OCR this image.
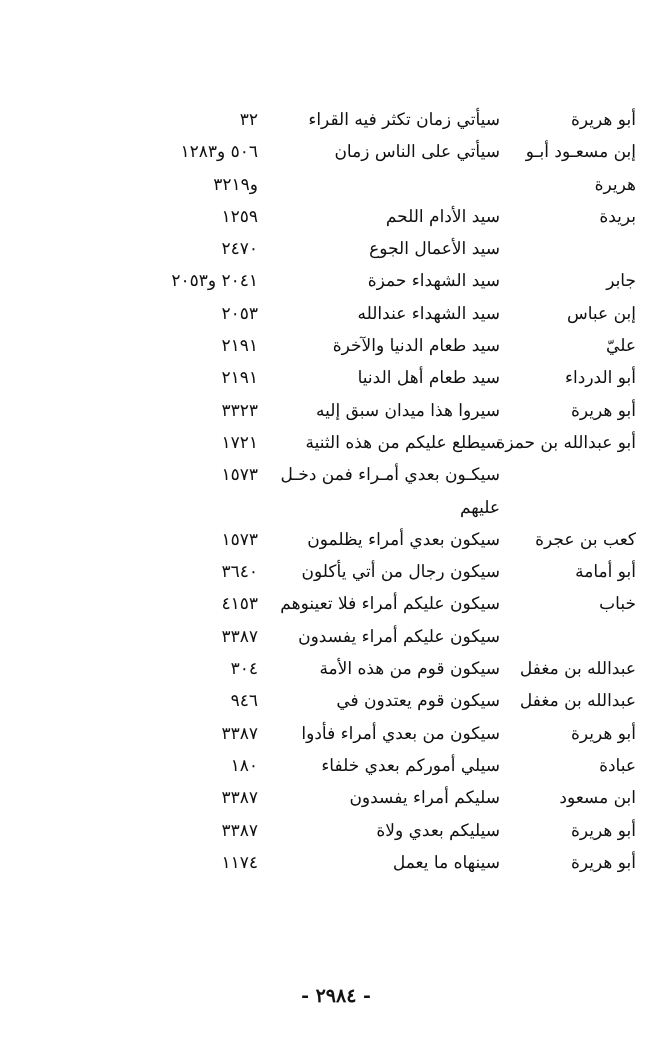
أبو هريرة
سيأتي زمان تكثر فيه القراء
٣٢
إبن مسعـود أبـو
سيأتي على الناس زمان
٥٠٦ و١٢٨٣
هريرة
و٣٢١٩
بريدة
سيد الأدام اللحم
١٢٥٩
سيد الأعمال الجوع
٢٤٧٠
جابر
سيد الشهداء حمزة
٢٠٤١ و٢٠٥٣
إبن عباس
سيد الشهداء عندالله
٢٠٥٣
عليّ
سيد طعام الدنيا والآخرة
٢١٩١
أبو الدرداء
سيد طعام أهل الدنيا
٢١٩١
أبو هريرة
سيروا هذا ميدان سبق إليه
٣٣٢٣
أبو عبدالله بن حمزة
سيطلع عليكم من هذه الثنية
١٧٢١
سيكـون بعدي أمـراء فمن دخـل
١٥٧٣
عليهم
كعب بن عجرة
سيكون بعدي أمراء يظلمون
١٥٧٣
أبو أمامة
سيكون رجال من أتي يأكلون
٣٦٤٠
خباب
سيكون عليكم أمراء فلا تعينوهم
٤١٥٣
سيكون عليكم أمراء يفسدون
٣٣٨٧
عبدالله بن مغفل
سيكون قوم من هذه الأمة
٣٠٤
عبدالله بن مغفل
سيكون قوم يعتدون في
٩٤٦
أبو هريرة
سيكون من بعدي أمراء فأدوا
٣٣٨٧
عبادة
سيلي أموركم بعدي خلفاء
١٨٠
ابن مسعود
سليكم أمراء يفسدون
٣٣٨٧
أبو هريرة
سيليكم بعدي ولاة
٣٣٨٧
أبو هريرة
سينهاه ما يعمل
١١٧٤
- ٢٩٨٤ -
